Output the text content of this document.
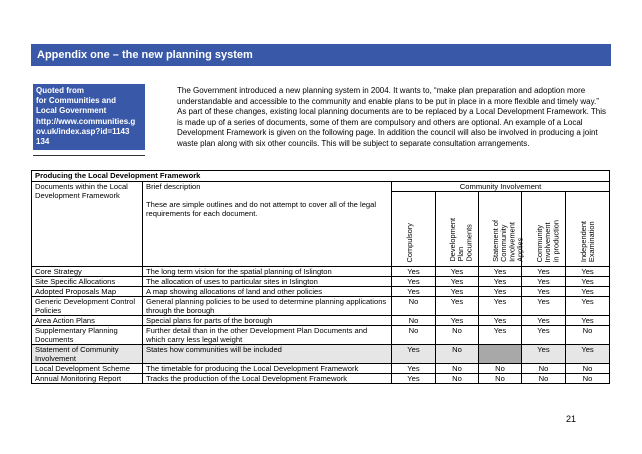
Appendix one – the new planning system
Quoted from
for Communities and
Local Government
http://www.communities.g
ov.uk/index.asp?id=1143
134
The Government introduced a new planning system in 2004. It wants to, “make plan preparation and adoption more understandable and accessible to the community and enable plans to be put in place in a more flexible and timely way.” As part of these changes, existing local planning documents are to be replaced by a Local Development Framework. This is made up of a series of documents, some of them are compulsory and others are optional. An example of a Local Development Framework is given on the following page. In addition the council will also be involved in producing a joint waste plan along with six other councils. This will be subject to separate consultation arrangements.
Producing the Local Development Framework						
Documents within the Local Development Framework	Brief description
These are simple outlines and do not attempt to cover all of the legal requirements for each document.	Community Involvement				

		Compulsory	Development
Plan
Documents	Statement of
Community
Involvement
Applies	Community
Involvement
in production	Independent
Examination

Core Strategy	The long term vision for the spatial planning of Islington	Yes	Yes	Yes	Yes	Yes
Site Specific Allocations	The allocation of uses to particular sites in Islington	Yes	Yes	Yes	Yes	Yes
Adopted Proposals Map	A map showing allocations of land and other policies	Yes	Yes	Yes	Yes	Yes
Generic Development Control Policies	General planning policies to be used to determine planning applications through the borough	No	Yes	Yes	Yes	Yes
Area Action Plans	Special plans for parts of the borough	No	Yes	Yes	Yes	Yes
Supplementary Planning Documents	Further detail than in the other Development Plan Documents and which carry less legal weight	No	No	Yes	Yes	No
Statement of Community Involvement	States how communities will be included	Yes	No		Yes	Yes
Local Development Scheme	The timetable for producing the Local Development Framework	Yes	No	No	No	No
Annual Monitoring Report	Tracks the production of the Local Development Framework	Yes	No	No	No	No
21
